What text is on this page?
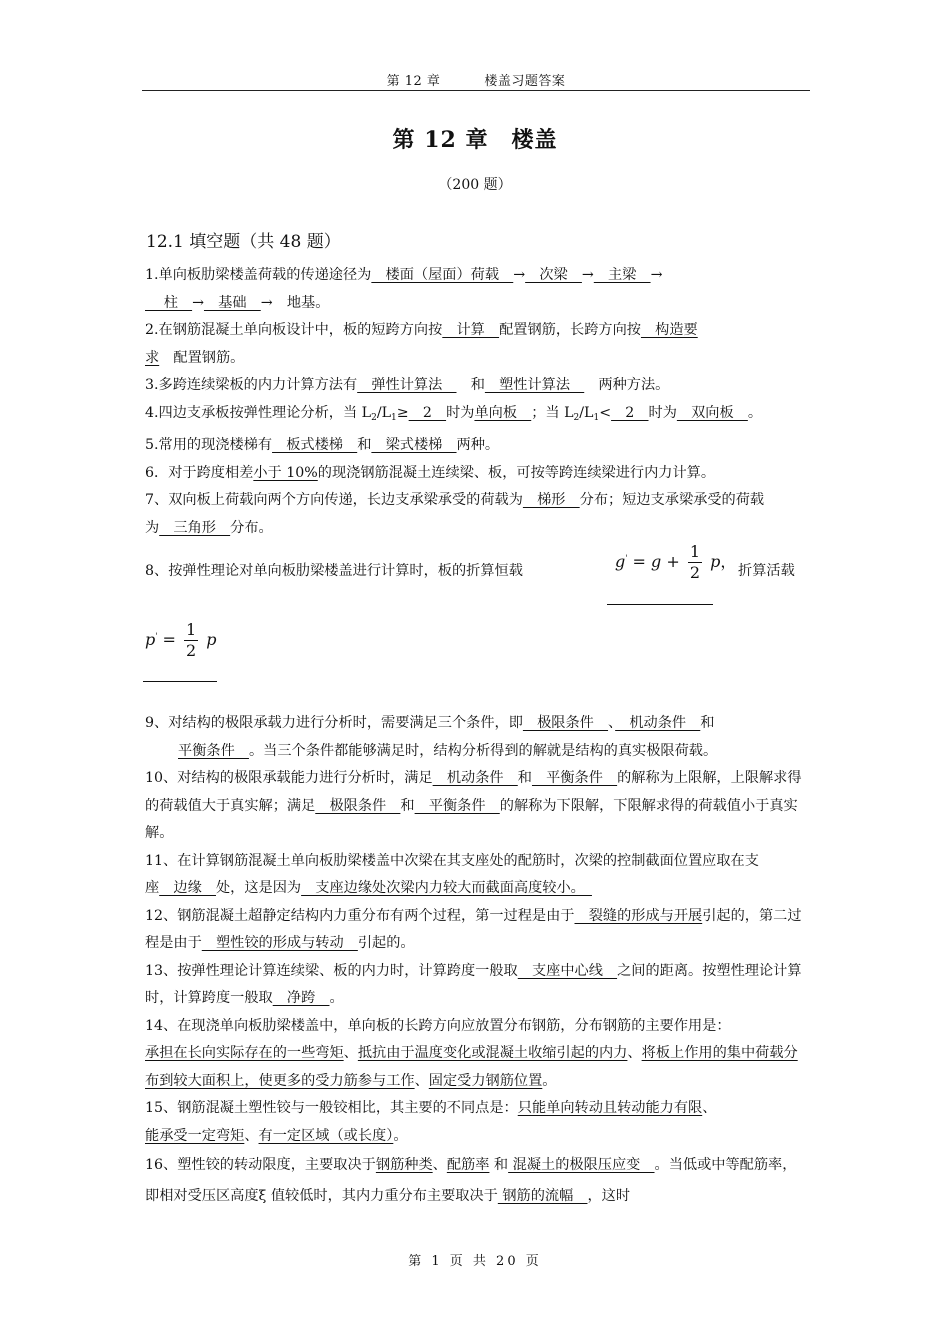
第 12 章	楼盖习题答案
第 12 章　楼盖
（200 题）
12.1 填空题（共 48 题）

1.单向板肋梁楼盖荷载的传递途径为　楼面（屋面）荷载　→　次梁　→　主梁　→
　 柱　→　基础　→　地基。

2.在钢筋混凝土单向板设计中，板的短跨方向按　计算　配置钢筋，长跨方向按　构造要
求　配置钢筋。

3.多跨连续梁板的内力计算方法有　弹性计算法　　和　塑性计算法　　两种方法。

4.四边支承板按弹性理论分析，当 $L_2/L_1\ge$　2　时为单向板　；当 $L_2/L_1<$　2　时为　双向板　。

5.常用的现浇楼梯有　板式楼梯　和　梁式楼梯　两种。

6．对于跨度相差小于 10%的现浇钢筋混凝土连续梁、板，可按等跨连续梁进行内力计算。

7、双向板上荷载向两个方向传递，长边支承梁承受的荷载为　梯形　分布；短边支承梁承受的荷载为　三角形　分布。

8、按弹性理论对单向板肋梁楼盖进行计算时，板的折算恒载	$g' = g + \frac{1}{2}$ p， 折算活载
$p' = \frac{1}{2}$ p

9、对结构的极限承载力进行分析时，需要满足三个条件，即　极限条件　、　机动条件　和
平衡条件　。当三个条件都能够满足时，结构分析得到的解就是结构的真实极限荷载。

10、对结构的极限承载能力进行分析时，满足　机动条件　和　平衡条件　的解称为上限解，上限解求得的荷载值大于真实解；满足　极限条件　和　平衡条件　的解称为下限解，下限解求得的荷载值小于真实解。

11、在计算钢筋混凝土单向板肋梁楼盖中次梁在其支座处的配筋时，次梁的控制截面位置应取在支座　边缘　处，这是因为　支座边缘处次梁内力较大而截面高度较小。　

12、钢筋混凝土超静定结构内力重分布有两个过程，第一过程是由于　裂缝的形成与开展引起的，第二过程是由于　塑性铰的形成与转动　引起的。

13、按弹性理论计算连续梁、板的内力时，计算跨度一般取　支座中心线　之间的距离。按塑性理论计算时，计算跨度一般取　净跨　。

14、在现浇单向板肋梁楼盖中，单向板的长跨方向应放置分布钢筋，分布钢筋的主要作用是：承担在长向实际存在的一些弯矩、抵抗由于温度变化或混凝土收缩引起的内力、将板上作用的集中荷载分布到较大面积上，使更多的受力筋参与工作、固定受力钢筋位置。

15、钢筋混凝土塑性铰与一般铰相比，其主要的不同点是：只能单向转动且转动能力有限、能承受一定弯矩、有一定区域（或长度）。

16、塑性铰的转动限度，主要取决于钢筋种类、配筋率 和 混凝土的极限压应变　。当低或中等配筋率，即相对受压区高度ξ 值较低时，其内力重分布主要取决于 钢筋的流幅　，这时

第 1 页 共 20 页
